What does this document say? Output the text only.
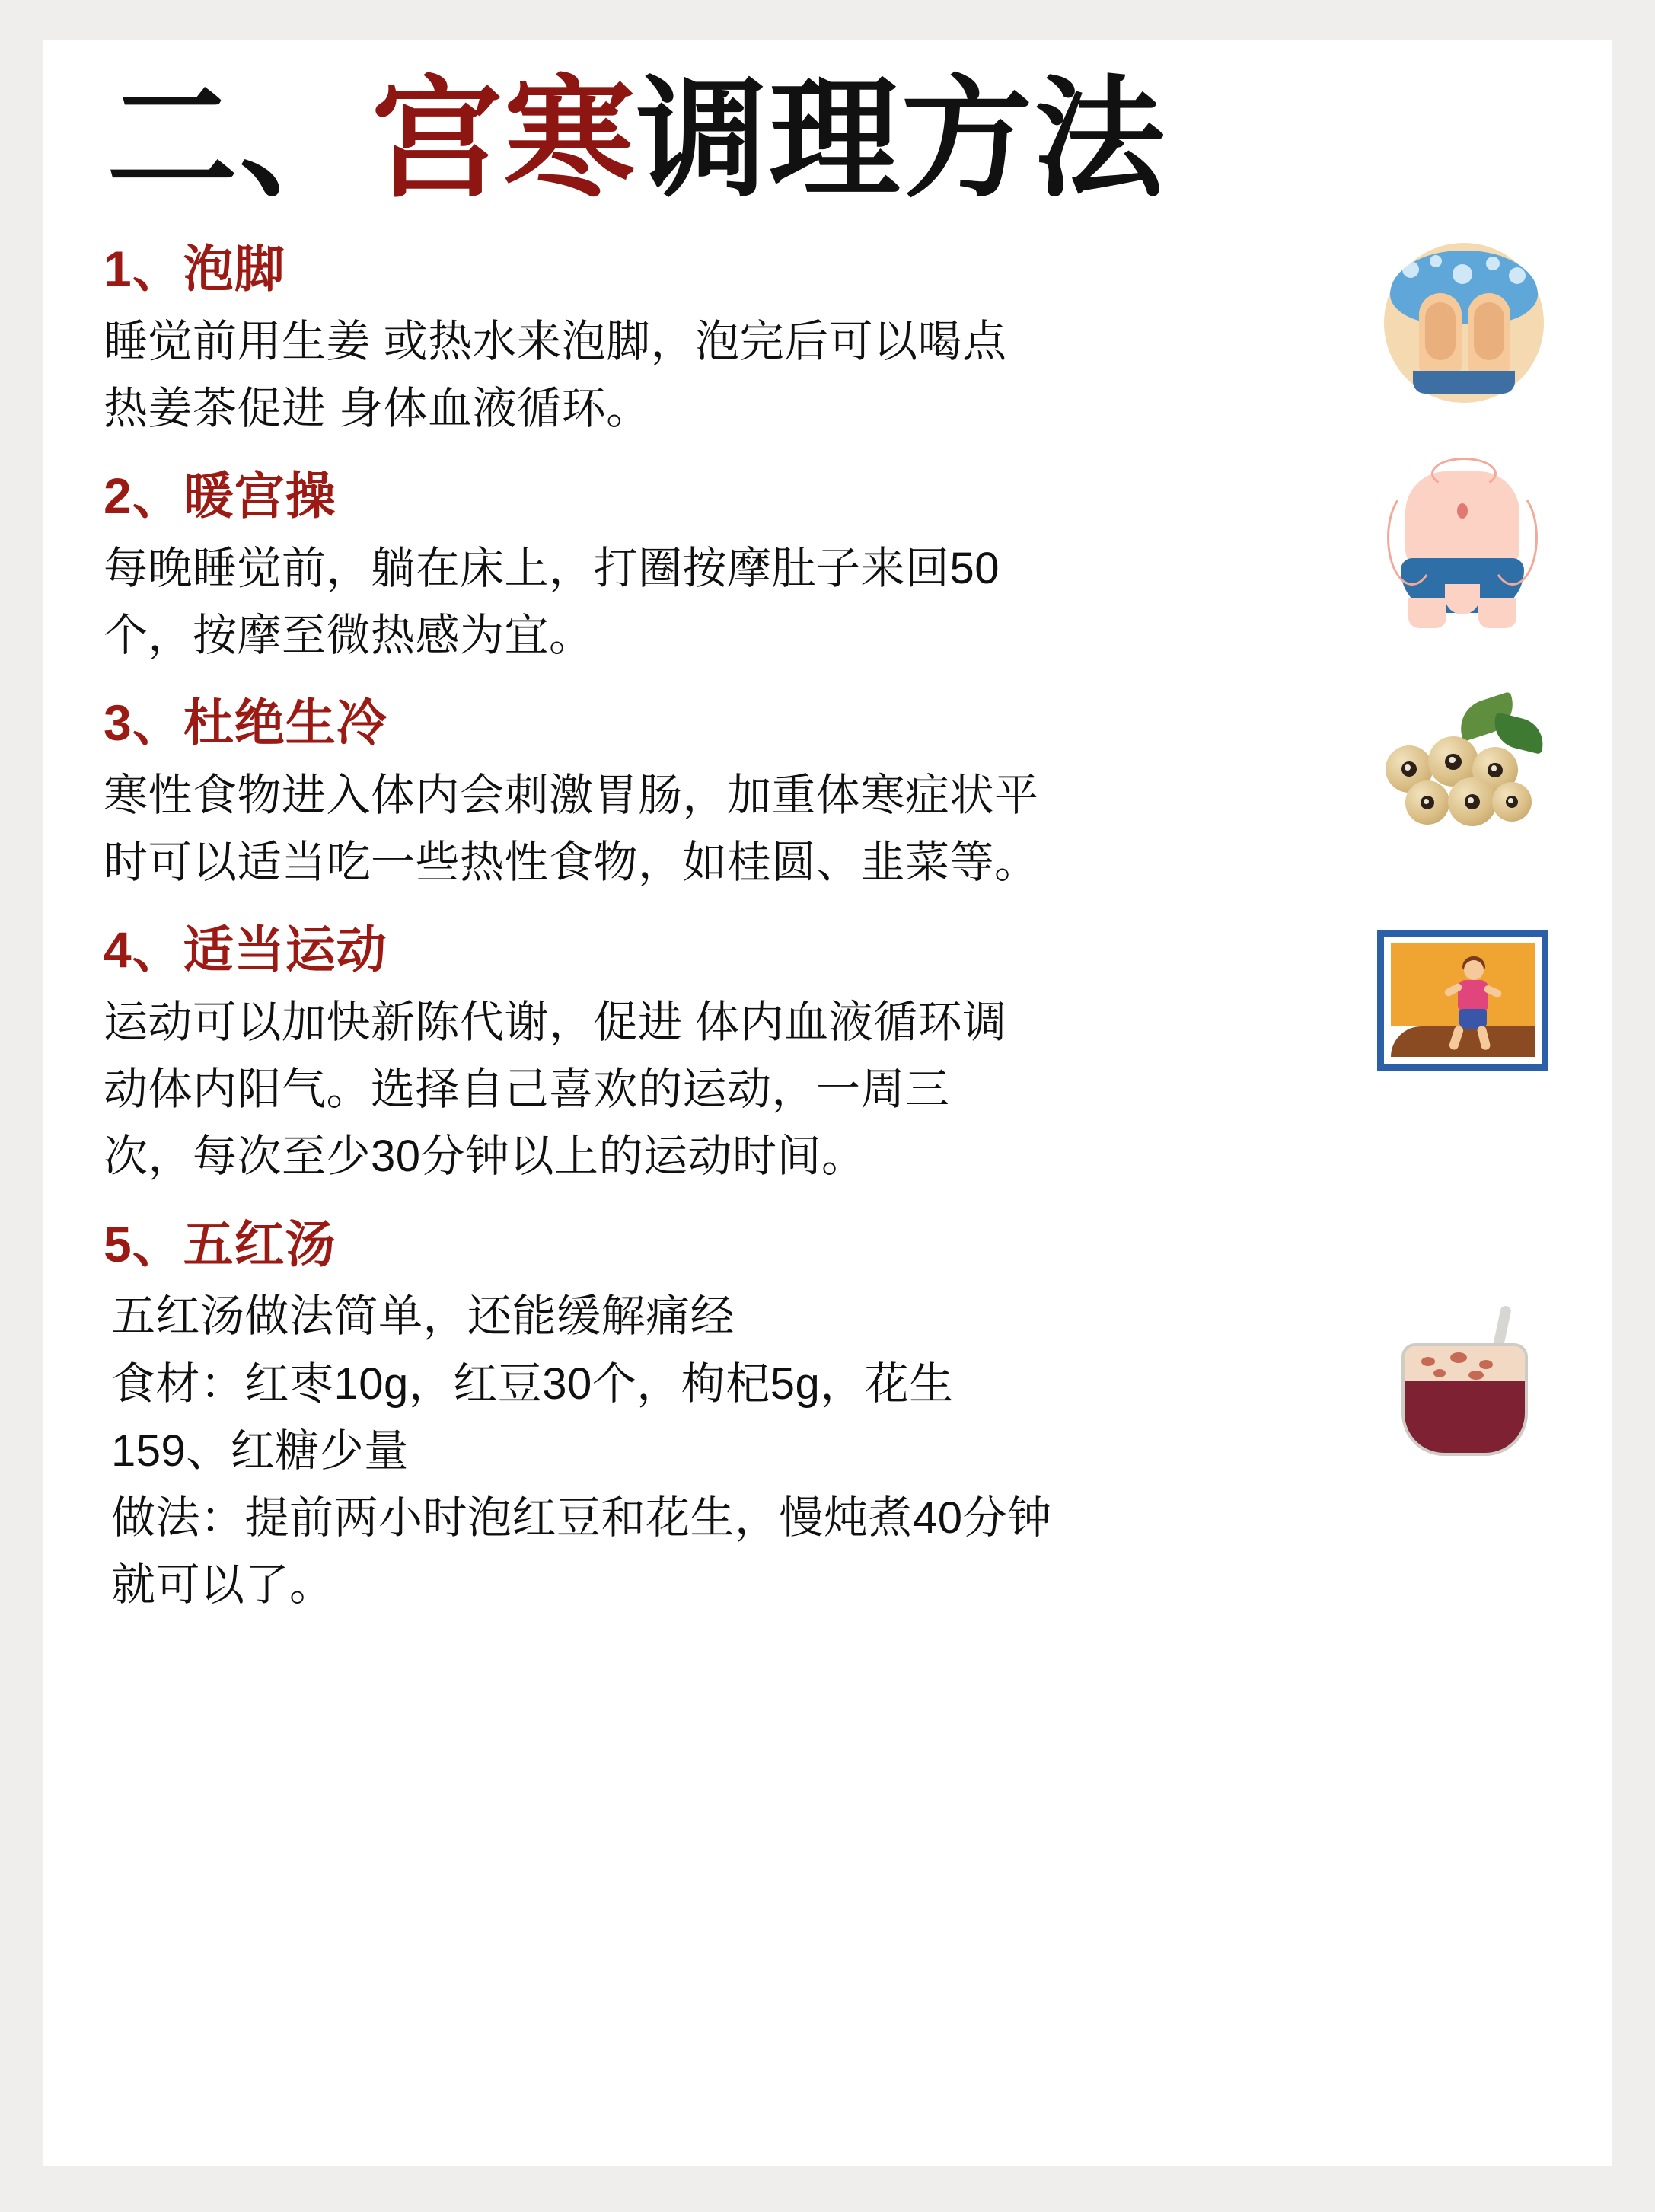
二、 宫寒 调理方法
1、泡脚
睡觉前用生姜 或热水来泡脚，泡完后可以喝点
热姜茶促进 身体血液循环。
2、暖宫操
每晚睡觉前，躺在床上，打圈按摩肚子来回50
个，按摩至微热感为宜。
3、杜绝生冷
寒性食物进入体内会刺激胃肠，加重体寒症状平
时可以适当吃一些热性食物，如桂圆、韭菜等。
4、适当运动
运动可以加快新陈代谢，促进 体内血液循环调
动体内阳气。选择自己喜欢的运动，一周三
次，每次至少30分钟以上的运动时间。
5、五红汤
五红汤做法简单，还能缓解痛经
食材：红枣10g，红豆30个，枸杞5g，花生
159、红糖少量
做法：提前两小时泡红豆和花生，慢炖煮40分钟
就可以了。
